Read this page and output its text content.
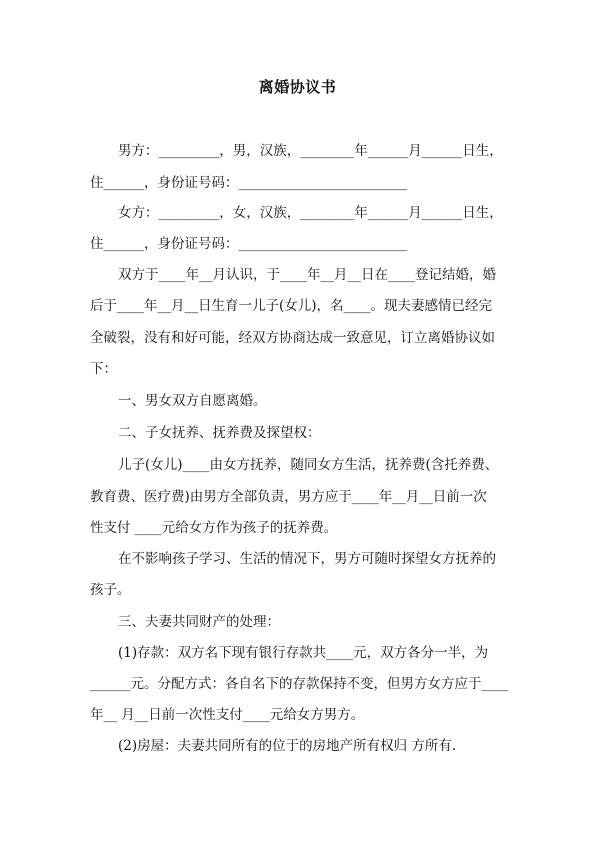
离婚协议书
男方：_________，男，汉族，________年______月______日生，
住______，身份证号码：_________________________
女方：_________，女，汉族，________年______月______日生，
住______，身份证号码：_________________________
双方于____年__月认识，于____年__月__日在____登记结婚，婚
后于____年__月__日生育一儿子(女儿)，名____。现夫妻感情已经完
全破裂，没有和好可能，经双方协商达成一致意见，订立离婚协议如
下：
一、男女双方自愿离婚。
二、子女抚养、抚养费及探望权：
儿子(女儿)____由女方抚养，随同女方生活，抚养费(含托养费、
教育费、医疗费)由男方全部负责，男方应于____年__月__日前一次
性支付 ____元给女方作为孩子的抚养费。
在不影响孩子学习、生活的情况下，男方可随时探望女方抚养的
孩子。
三、夫妻共同财产的处理：
(1)存款：双方名下现有银行存款共____元，双方各分一半，为
______元。分配方式：各自名下的存款保持不变，但男方女方应于____
年__ 月__日前一次性支付____元给女方男方。
(2)房屋：夫妻共同所有的位于的房地产所有权归 方所有.
